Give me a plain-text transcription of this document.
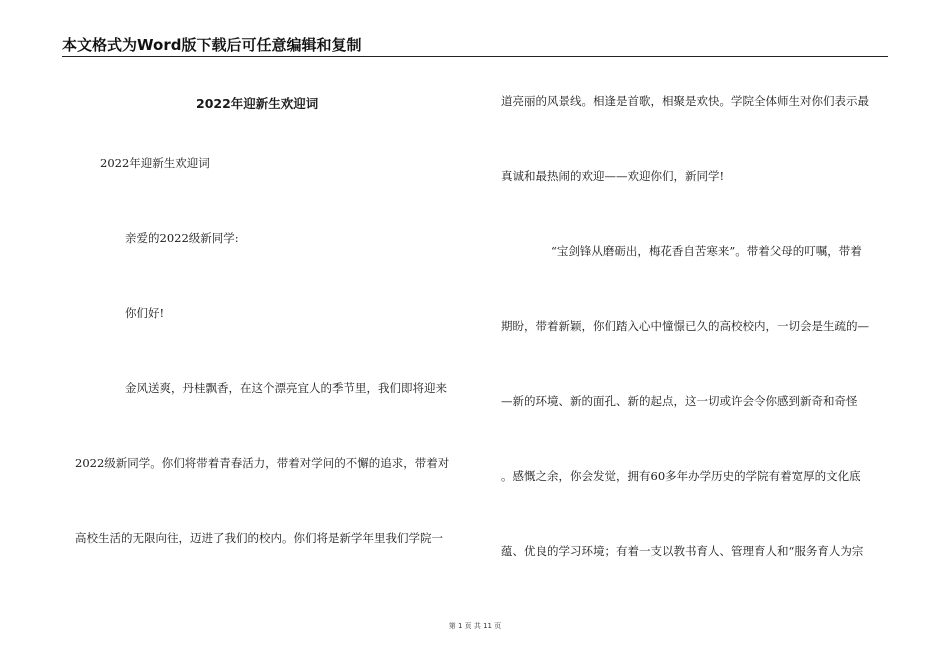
本文格式为Word版下载后可任意编辑和复制
2022年迎新生欢迎词
2022年迎新生欢迎词
亲爱的2022级新同学:
你们好!
金风送爽，丹桂飘香，在这个漂亮宜人的季节里，我们即将迎来
2022级新同学。你们将带着青春活力，带着对学问的不懈的追求，带着对
高校生活的无限向往，迈进了我们的校内。你们将是新学年里我们学院一
道亮丽的风景线。相逢是首歌，相聚是欢快。学院全体师生对你们表示最
真诚和最热闹的欢迎——欢迎你们，新同学!
“宝剑锋从磨砺出，梅花香自苦寒来”。带着父母的叮嘱，带着
期盼，带着新颖，你们踏入心中憧憬已久的高校校内，一切会是生疏的—
—新的环境、新的面孔、新的起点，这一切或许会令你感到新奇和奇怪
。感慨之余，你会发觉，拥有60多年办学历史的学院有着宽厚的文化底
蕴、优良的学习环境；有着一支以教书育人、管理育人和“服务育人为宗
第 1 页 共 11 页
